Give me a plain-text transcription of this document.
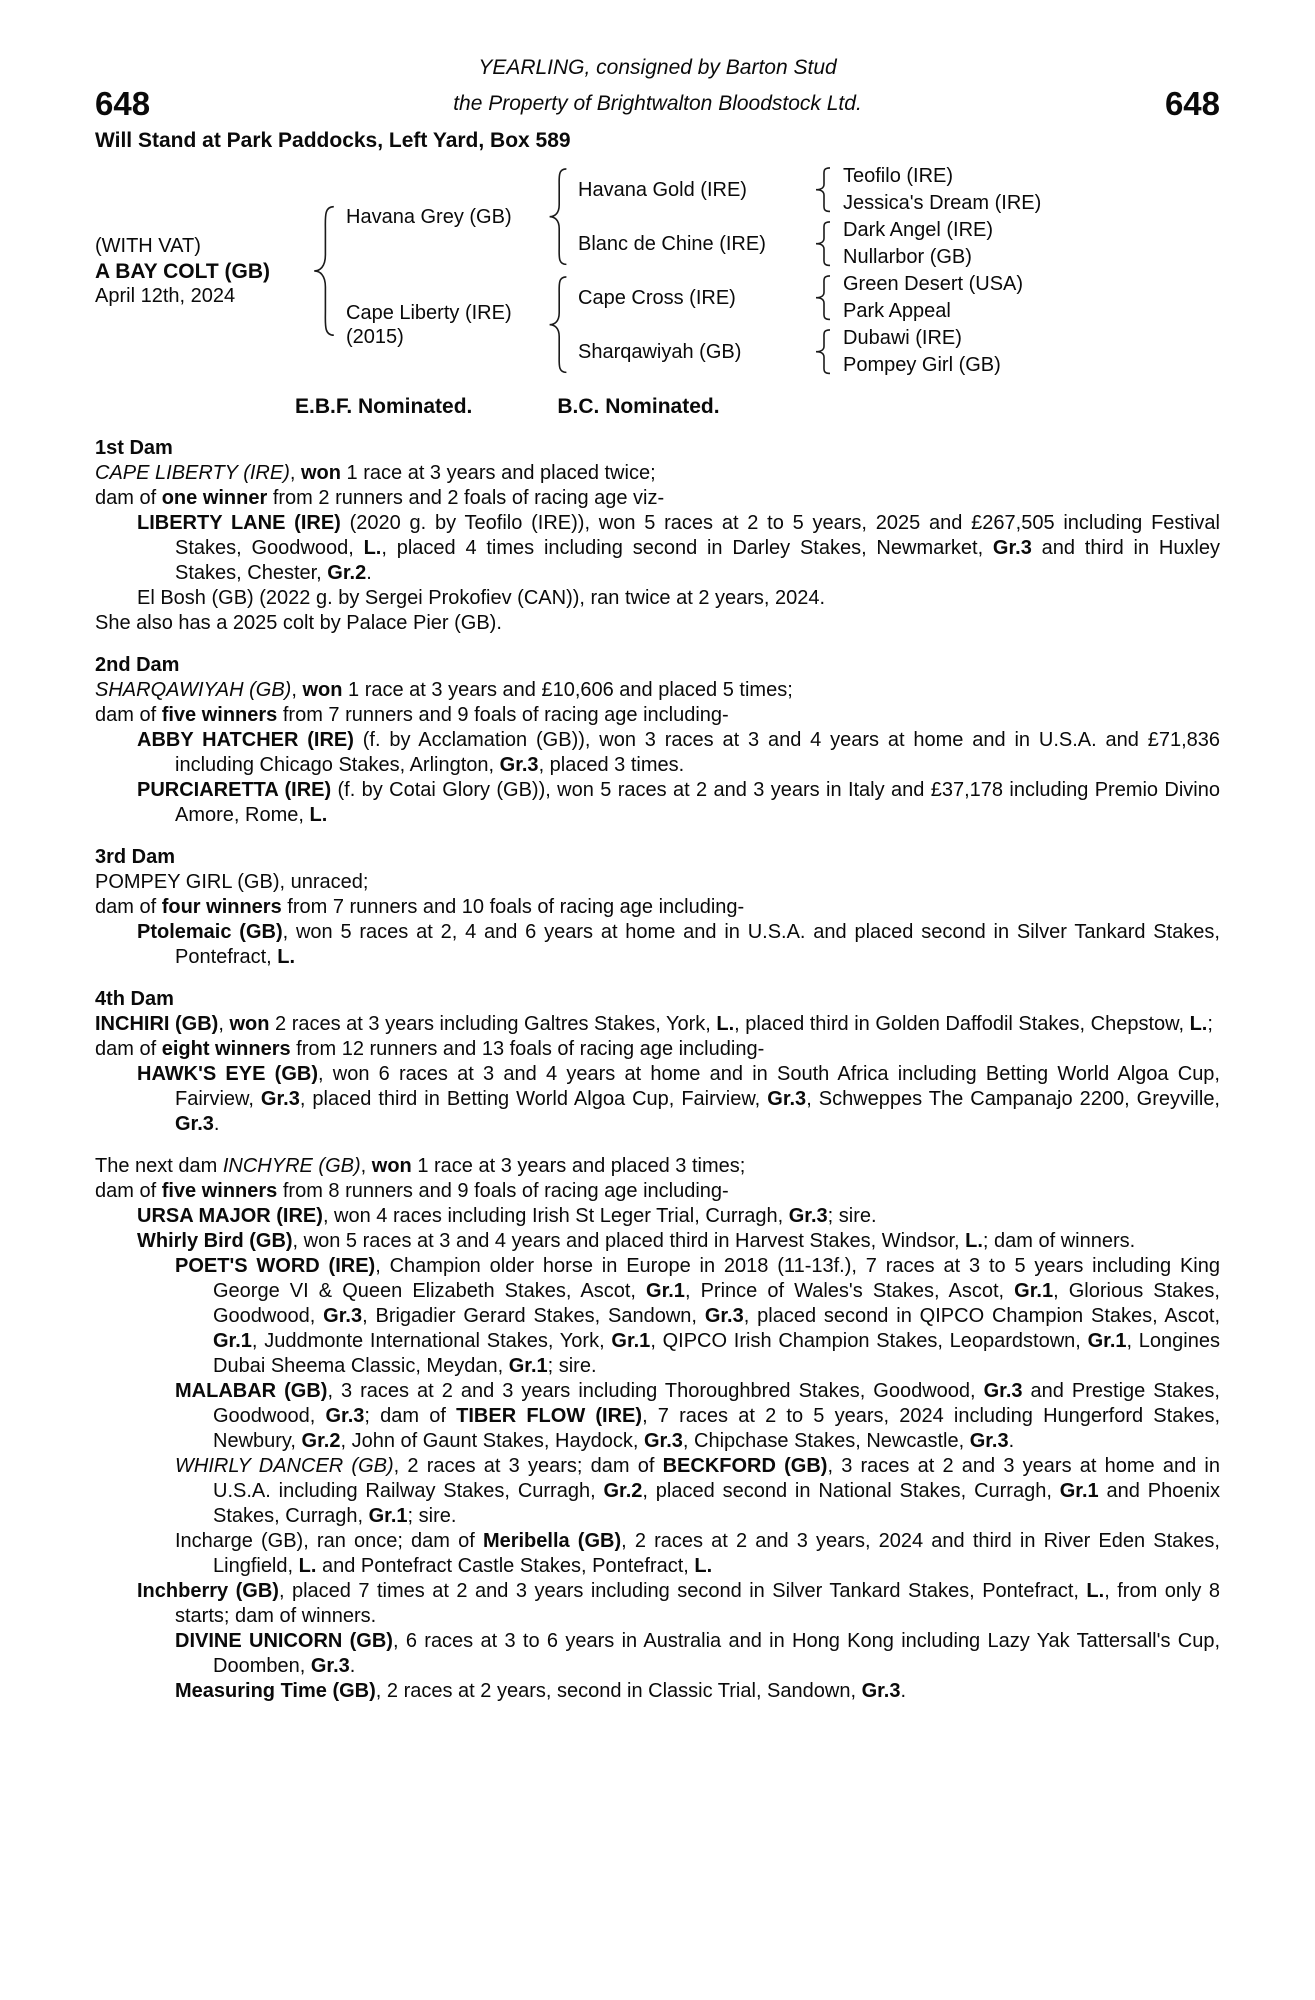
YEARLING, consigned by Barton Stud
648	the Property of Brightwalton Bloodstock Ltd.	648
Will Stand at Park Paddocks, Left Yard, Box 589
(WITH VAT)
A BAY COLT (GB)
April 12th, 2024
Havana Grey (GB)
Cape Liberty (IRE)
(2015)
Havana Gold (IRE)
Blanc de Chine (IRE)
Cape Cross (IRE)
Sharqawiyah (GB)
Teofilo (IRE)
Jessica's Dream (IRE)
Dark Angel (IRE)
Nullarbor (GB)
Green Desert (USA)
Park Appeal
Dubawi (IRE)
Pompey Girl (GB)
E.B.F. Nominated.	B.C. Nominated.
1st Dam

CAPE LIBERTY (IRE), won 1 race at 3 years and placed twice;

dam of one winner from 2 runners and 2 foals of racing age viz-

LIBERTY LANE (IRE) (2020 g. by Teofilo (IRE)), won 5 races at 2 to 5 years, 2025 and £267,505 including Festival Stakes, Goodwood, L., placed 4 times including second in Darley Stakes, Newmarket, Gr.3 and third in Huxley Stakes, Chester, Gr.2.

El Bosh (GB) (2022 g. by Sergei Prokofiev (CAN)), ran twice at 2 years, 2024.

She also has a 2025 colt by Palace Pier (GB).

2nd Dam

SHARQAWIYAH (GB), won 1 race at 3 years and £10,606 and placed 5 times;

dam of five winners from 7 runners and 9 foals of racing age including-

ABBY HATCHER (IRE) (f. by Acclamation (GB)), won 3 races at 3 and 4 years at home and in U.S.A. and £71,836 including Chicago Stakes, Arlington, Gr.3, placed 3 times.

PURCIARETTA (IRE) (f. by Cotai Glory (GB)), won 5 races at 2 and 3 years in Italy and £37,178 including Premio Divino Amore, Rome, L.

3rd Dam

POMPEY GIRL (GB), unraced;

dam of four winners from 7 runners and 10 foals of racing age including-

Ptolemaic (GB), won 5 races at 2, 4 and 6 years at home and in U.S.A. and placed second in Silver Tankard Stakes, Pontefract, L.

4th Dam

INCHIRI (GB), won 2 races at 3 years including Galtres Stakes, York, L., placed third in Golden Daffodil Stakes, Chepstow, L.;

dam of eight winners from 12 runners and 13 foals of racing age including-

HAWK'S EYE (GB), won 6 races at 3 and 4 years at home and in South Africa including Betting World Algoa Cup, Fairview, Gr.3, placed third in Betting World Algoa Cup, Fairview, Gr.3, Schweppes The Campanajo 2200, Greyville, Gr.3.

The next dam INCHYRE (GB), won 1 race at 3 years and placed 3 times;

dam of five winners from 8 runners and 9 foals of racing age including-

URSA MAJOR (IRE), won 4 races including Irish St Leger Trial, Curragh, Gr.3; sire.

Whirly Bird (GB), won 5 races at 3 and 4 years and placed third in Harvest Stakes, Windsor, L.; dam of winners.

POET'S WORD (IRE), Champion older horse in Europe in 2018 (11-13f.), 7 races at 3 to 5 years including King George VI & Queen Elizabeth Stakes, Ascot, Gr.1, Prince of Wales's Stakes, Ascot, Gr.1, Glorious Stakes, Goodwood, Gr.3, Brigadier Gerard Stakes, Sandown, Gr.3, placed second in QIPCO Champion Stakes, Ascot, Gr.1, Juddmonte International Stakes, York, Gr.1, QIPCO Irish Champion Stakes, Leopardstown, Gr.1, Longines Dubai Sheema Classic, Meydan, Gr.1; sire.

MALABAR (GB), 3 races at 2 and 3 years including Thoroughbred Stakes, Goodwood, Gr.3 and Prestige Stakes, Goodwood, Gr.3; dam of TIBER FLOW (IRE), 7 races at 2 to 5 years, 2024 including Hungerford Stakes, Newbury, Gr.2, John of Gaunt Stakes, Haydock, Gr.3, Chipchase Stakes, Newcastle, Gr.3.

WHIRLY DANCER (GB), 2 races at 3 years; dam of BECKFORD (GB), 3 races at 2 and 3 years at home and in U.S.A. including Railway Stakes, Curragh, Gr.2, placed second in National Stakes, Curragh, Gr.1 and Phoenix Stakes, Curragh, Gr.1; sire.

Incharge (GB), ran once; dam of Meribella (GB), 2 races at 2 and 3 years, 2024 and third in River Eden Stakes, Lingfield, L. and Pontefract Castle Stakes, Pontefract, L.

Inchberry (GB), placed 7 times at 2 and 3 years including second in Silver Tankard Stakes, Pontefract, L., from only 8 starts; dam of winners.

DIVINE UNICORN (GB), 6 races at 3 to 6 years in Australia and in Hong Kong including Lazy Yak Tattersall's Cup, Doomben, Gr.3.

Measuring Time (GB), 2 races at 2 years, second in Classic Trial, Sandown, Gr.3.
